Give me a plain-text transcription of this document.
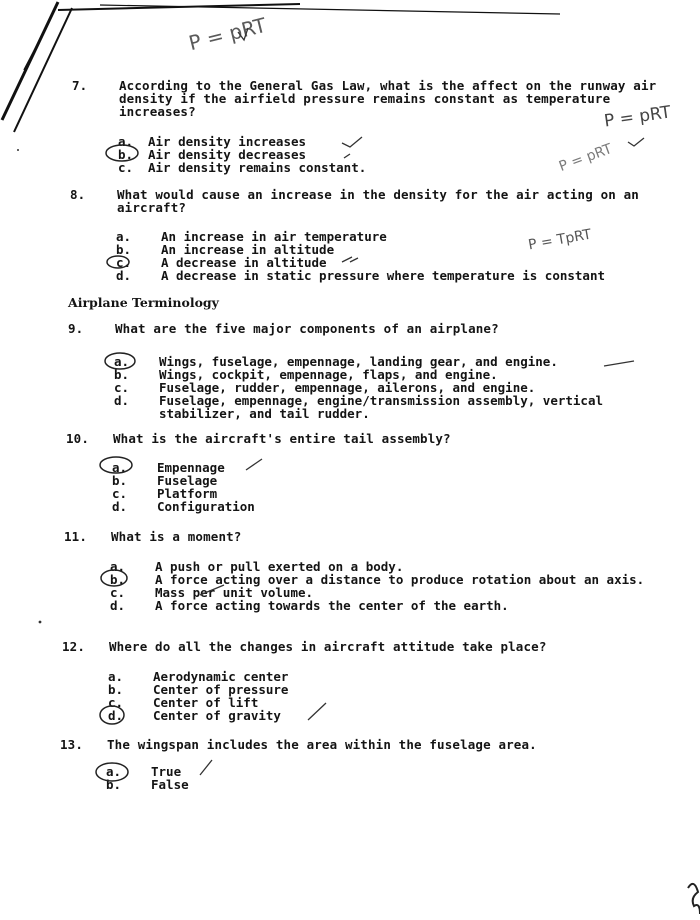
7.	According to the General Gas Law, what is the affect on the runway air density if the airfield pressure remains constant as temperature increases?
a. Air density increases
b. Air density decreases
c. Air density remains constant.
8.	What would cause an increase in the density for the air acting on an aircraft?
a. An increase in air temperature
b. An increase in altitude
c. A decrease in altitude
d. A decrease in static pressure where temperature is constant
Airplane Terminology
9.	What are the five major components of an airplane?
a. Wings, fuselage, empennage, landing gear, and engine.
b. Wings, cockpit, empennage, flaps, and engine.
c. Fuselage, rudder, empennage, ailerons, and engine.
d. Fuselage, empennage, engine/transmission assembly, vertical stabilizer, and tail rudder.
10. What is the aircraft's entire tail assembly?
a. Empennage
b. Fuselage
c. Platform
d. Configuration
11. What is a moment?
a. A push or pull exerted on a body.
b. A force acting over a distance to produce rotation about an axis.
c. Mass per unit volume.
d. A force acting towards the center of the earth.
12. Where do all the changes in aircraft attitude take place?
a. Aerodynamic center
b. Center of pressure
c. Center of lift
d. Center of gravity
13. The wingspan includes the area within the fuselage area.
a. True
b. False
P = pRT
P = pRT
P = pRT
P = TpRT
